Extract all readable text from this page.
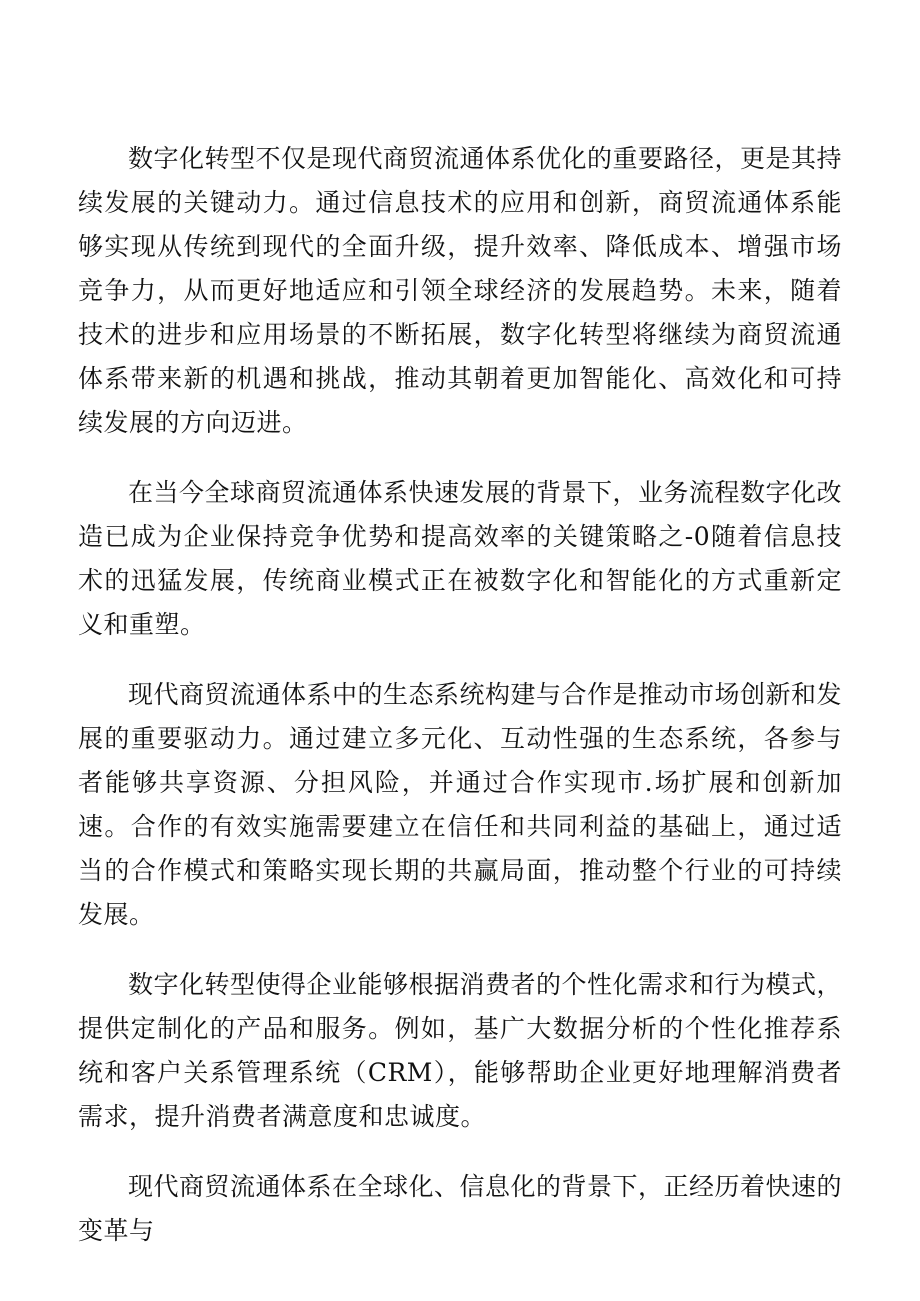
数字化转型不仅是现代商贸流通体系优化的重要路径，更是其持续发展的关键动力。通过信息技术的应用和创新，商贸流通体系能够实现从传统到现代的全面升级，提升效率、降低成本、增强市场竞争力，从而更好地适应和引领全球经济的发展趋势。未来，随着技术的进步和应用场景的不断拓展，数字化转型将继续为商贸流通体系带来新的机遇和挑战，推动其朝着更加智能化、高效化和可持续发展的方向迈进。

在当今全球商贸流通体系快速发展的背景下，业务流程数字化改造已成为企业保持竞争优势和提高效率的关键策略之-0随着信息技术的迅猛发展，传统商业模式正在被数字化和智能化的方式重新定义和重塑。

现代商贸流通体系中的生态系统构建与合作是推动市场创新和发展的重要驱动力。通过建立多元化、互动性强的生态系统，各参与者能够共享资源、分担风险，并通过合作实现市.场扩展和创新加速。合作的有效实施需要建立在信任和共同利益的基础上，通过适当的合作模式和策略实现长期的共赢局面，推动整个行业的可持续发展。

数字化转型使得企业能够根据消费者的个性化需求和行为模式，提供定制化的产品和服务。例如，基广大数据分析的个性化推荐系统和客户关系管理系统（CRM），能够帮助企业更好地理解消费者需求，提升消费者满意度和忠诚度。

现代商贸流通体系在全球化、信息化的背景下，正经历着快速的变革与
